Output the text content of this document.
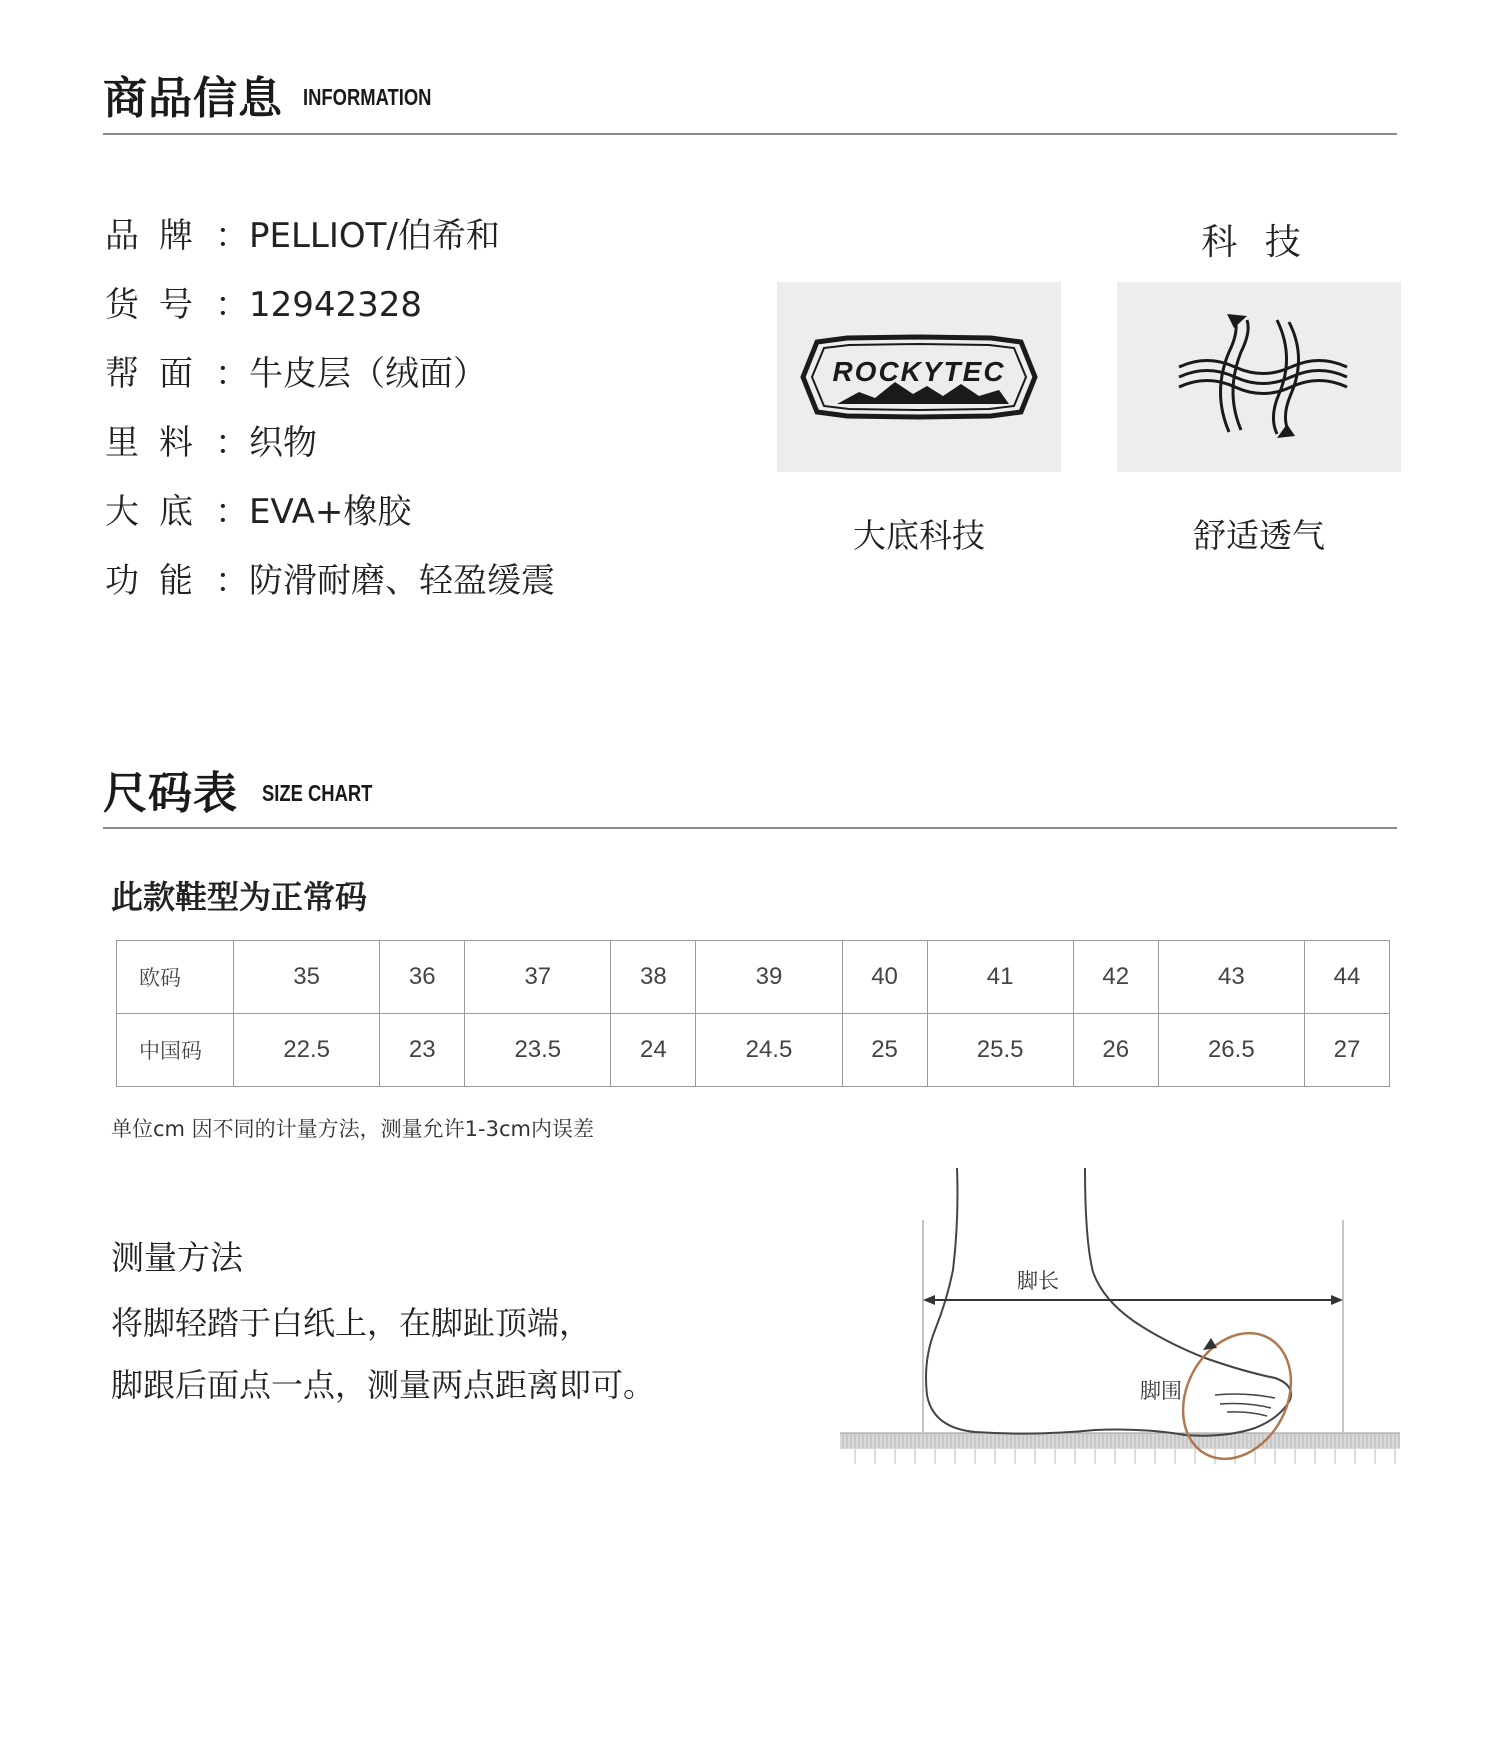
商品信息 INFORMATION
品牌：PELLIOT/伯希和
货号：12942328
帮面：牛皮层（绒面）
里料：织物
大底：EVA+橡胶
功能：防滑耐磨、轻盈缓震
科 技
ROCKYTEC
大底科技	舒适透气
尺码表 SIZE CHART
此款鞋型为正常码
欧码	35	36	37	38	39	40	41	42	43	44
中国码	22.5	23	23.5	24	24.5	25	25.5	26	26.5	27
单位cm 因不同的计量方法，测量允许1-3cm内误差
测量方法
将脚轻踏于白纸上，在脚趾顶端，
脚跟后面点一点，测量两点距离即可。
脚长
脚围
